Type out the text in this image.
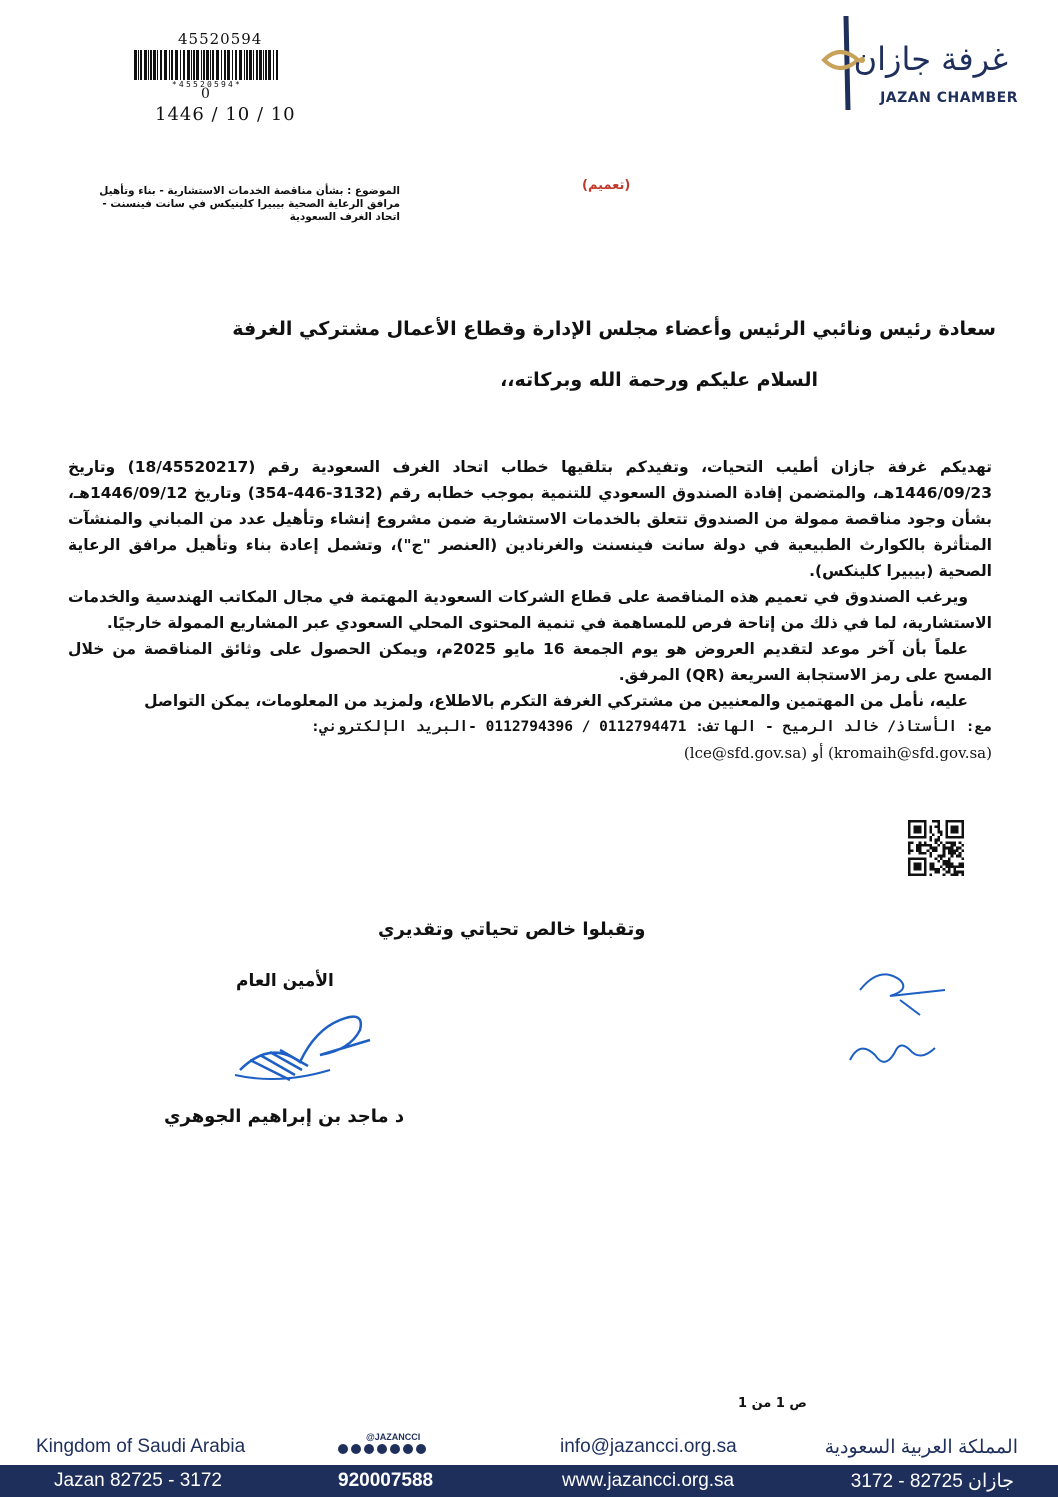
45520594
*45520594*
0
1446 / 10 / 10
غرفة جازان
JAZAN CHAMBER
(تعميم)
الموضوع : بشأن مناقصة الخدمات الاستشارية - بناء وتأهيل
مرافق الرعاية الصحية بيبيرا كلينيكس في سانت فينسنت -
اتحاد الغرف السعودية
سعادة رئيس ونائبي الرئيس وأعضاء مجلس الإدارة وقطاع الأعمال مشتركي الغرفة
السلام عليكم ورحمة الله وبركاته،،

تهديكم غرفة جازان أطيب التحيات، وتفيدكم بتلقيها خطاب اتحاد الغرف السعودية رقم (18/45520217) وتاريخ 1446/09/23هـ، والمتضمن إفادة الصندوق السعودي للتنمية بموجب خطابه رقم (3132-446-354) وتاريخ 1446/09/12هـ، بشأن وجود مناقصة ممولة من الصندوق تتعلق بالخدمات الاستشارية ضمن مشروع إنشاء وتأهيل عدد من المباني والمنشآت المتأثرة بالكوارث الطبيعية في دولة سانت فينسنت والغرنادين (العنصر "ج")، وتشمل إعادة بناء وتأهيل مرافق الرعاية الصحية (بيبيرا كلينكس).

ويرغب الصندوق في تعميم هذه المناقصة على قطاع الشركات السعودية المهتمة في مجال المكاتب الهندسية والخدمات الاستشارية، لما في ذلك من إتاحة فرص للمساهمة في تنمية المحتوى المحلي السعودي عبر المشاريع الممولة خارجيًا.

علماً بأن آخر موعد لتقديم العروض هو يوم الجمعة 16 مايو 2025م، ويمكن الحصول على وثائق المناقصة من خلال المسح على رمز الاستجابة السريعة (QR) المرفق.

عليه، نأمل من المهتمين والمعنيين من مشتركي الغرفة التكرم بالاطلاع، ولمزيد من المعلومات، يمكن التواصل

مع: الأستاذ/ خالد الرميح - الهاتف: 0112794471 / 0112794396 -البريد الإلكتروني:

(kromaih@sfd.gov.sa) أو (lce@sfd.gov.sa)

وتقبلوا خالص تحياتي وتقديري
الأمين العام
د ماجد بن إبراهيم الجوهري
ص 1 من 1
Kingdom of Saudi Arabia	@JAZANCCI	info@jazancci.org.sa	المملكة العربية السعودية
Jazan 82725 - 3172	920007588	www.jazancci.org.sa	جازان 82725 - 3172
